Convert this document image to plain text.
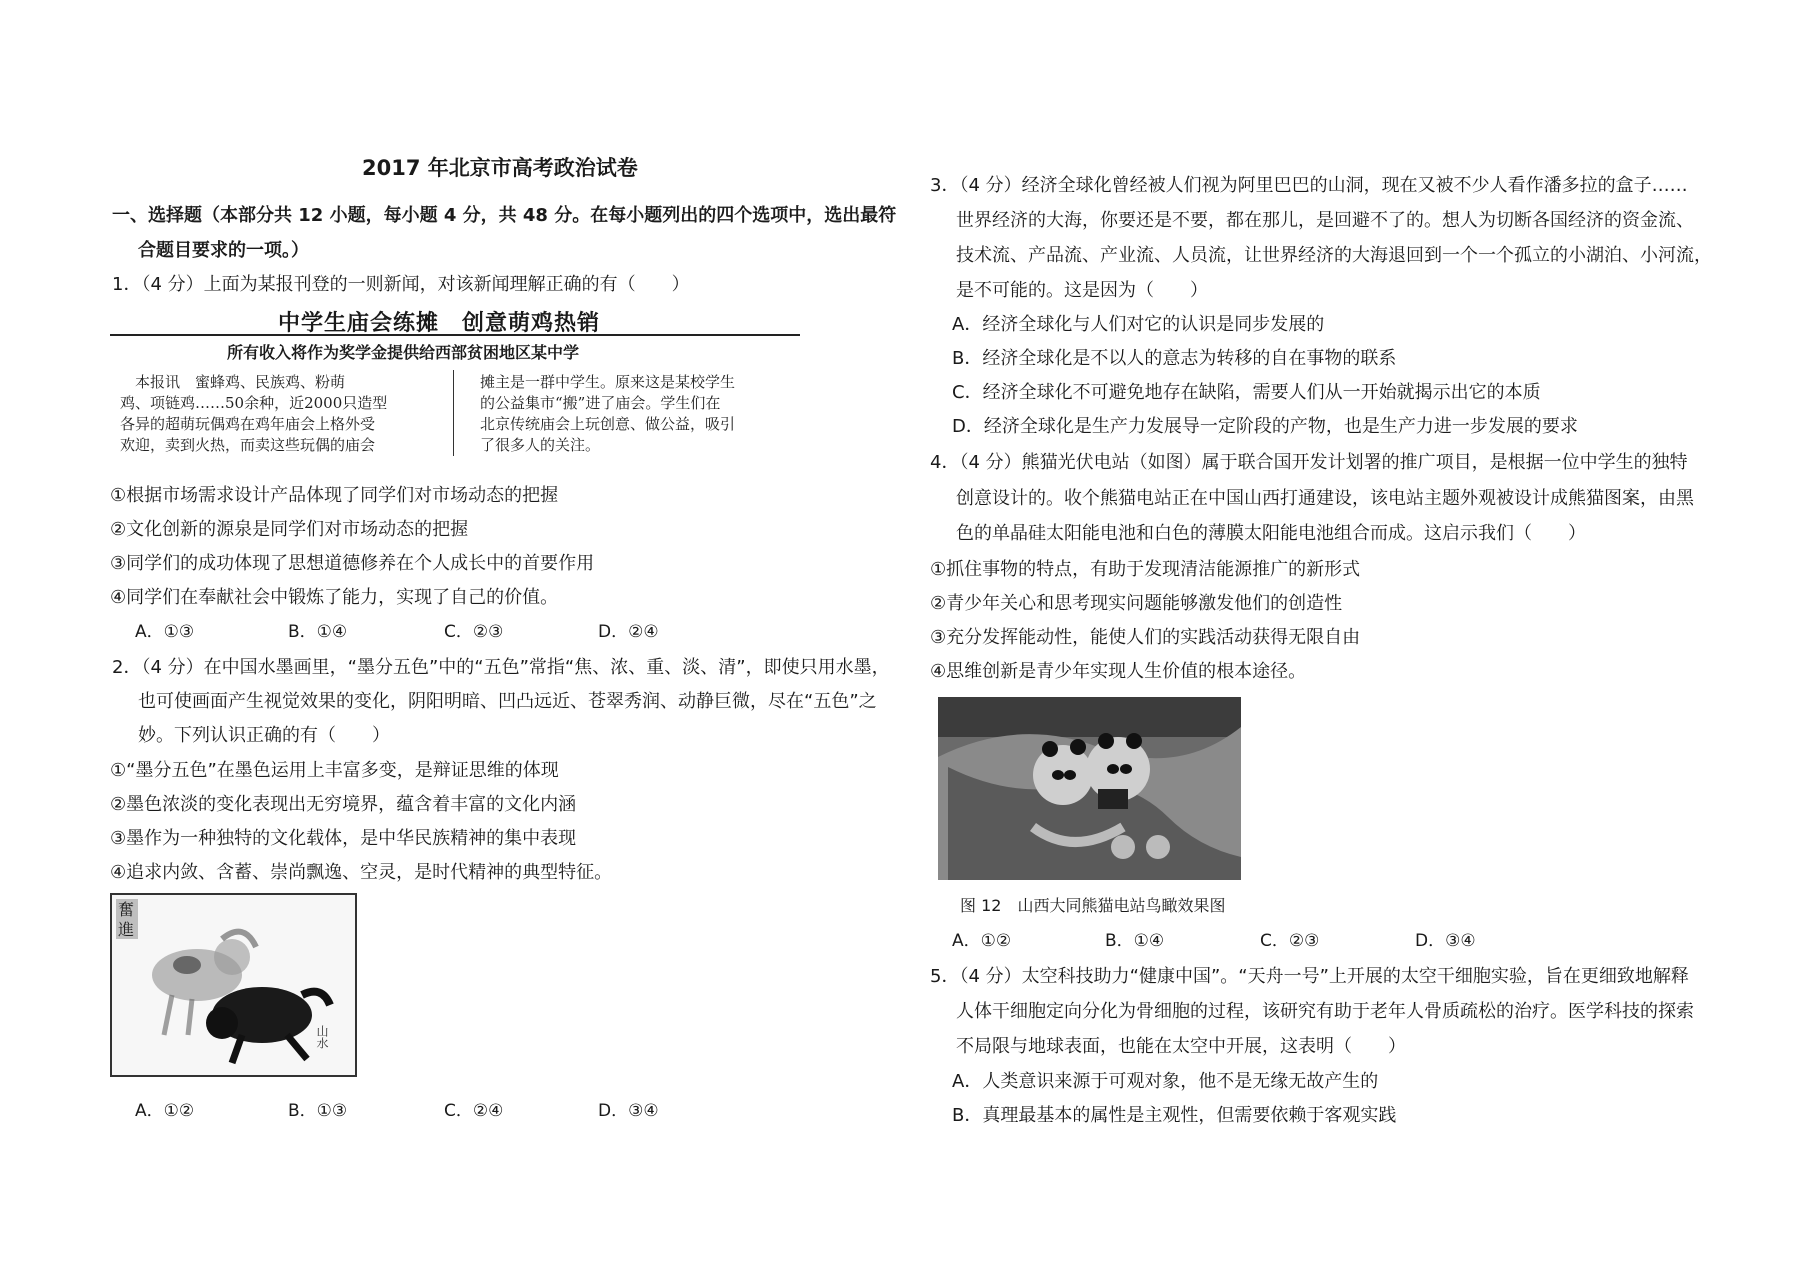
2017 年北京市高考政治试卷
一、选择题（本部分共 12 小题，每小题 4 分，共 48 分。在每小题列出的四个选项中，选出最符
合题目要求的一项。）
1．（4 分）上面为某报刊登的一则新闻，对该新闻理解正确的有（　　）
中学生庙会练摊　创意萌鸡热销
所有收入将作为奖学金提供给西部贫困地区某中学
　本报讯　蜜蜂鸡、民族鸡、粉萌
鸡、项链鸡……50余种，近2000只造型
各异的超萌玩偶鸡在鸡年庙会上格外受
欢迎，卖到火热，而卖这些玩偶的庙会
摊主是一群中学生。原来这是某校学生
的公益集市“搬”进了庙会。学生们在
北京传统庙会上玩创意、做公益，吸引
了很多人的关注。
①根据市场需求设计产品体现了同学们对市场动态的把握
②文化创新的源泉是同学们对市场动态的把握
③同学们的成功体现了思想道德修养在个人成长中的首要作用
④同学们在奉献社会中锻炼了能力，实现了自己的价值。
A．①③	B．①④	C．②③	D．②④
2．（4 分）在中国水墨画里，“墨分五色”中的“五色”常指“焦、浓、重、淡、清”，即使只用水墨，
也可使画面产生视觉效果的变化，阴阳明暗、凹凸远近、苍翠秀润、动静巨微，尽在“五色”之
妙。下列认识正确的有（　　）
①“墨分五色”在墨色运用上丰富多变，是辩证思维的体现
②墨色浓淡的变化表现出无穷境界，蕴含着丰富的文化内涵
③墨作为一种独特的文化载体，是中华民族精神的集中表现
④追求内敛、含蓄、崇尚飘逸、空灵，是时代精神的典型特征。
奮
進
山水
A．①②	B．①③	C．②④	D．③④
3．（4 分）经济全球化曾经被人们视为阿里巴巴的山洞，现在又被不少人看作潘多拉的盒子……
世界经济的大海，你要还是不要，都在那儿，是回避不了的。想人为切断各国经济的资金流、
技术流、产品流、产业流、人员流，让世界经济的大海退回到一个一个孤立的小湖泊、小河流，
是不可能的。这是因为（　　）
A．经济全球化与人们对它的认识是同步发展的
B．经济全球化是不以人的意志为转移的自在事物的联系
C．经济全球化不可避免地存在缺陷，需要人们从一开始就揭示出它的本质
D．经济全球化是生产力发展导一定阶段的产物，也是生产力进一步发展的要求
4．（4 分）熊猫光伏电站（如图）属于联合国开发计划署的推广项目，是根据一位中学生的独特
创意设计的。收个熊猫电站正在中国山西打通建设，该电站主题外观被设计成熊猫图案，由黑
色的单晶硅太阳能电池和白色的薄膜太阳能电池组合而成。这启示我们（　　）
①抓住事物的特点，有助于发现清洁能源推广的新形式
②青少年关心和思考现实问题能够激发他们的创造性
③充分发挥能动性，能使人们的实践活动获得无限自由
④思维创新是青少年实现人生价值的根本途径。
图 12　山西大同熊猫电站鸟瞰效果图
A．①②	B．①④	C．②③	D．③④
5．（4 分）太空科技助力“健康中国”。“天舟一号”上开展的太空干细胞实验，旨在更细致地解释
人体干细胞定向分化为骨细胞的过程，该研究有助于老年人骨质疏松的治疗。医学科技的探索
不局限与地球表面，也能在太空中开展，这表明（　　）
A．人类意识来源于可观对象，他不是无缘无故产生的
B．真理最基本的属性是主观性，但需要依赖于客观实践
